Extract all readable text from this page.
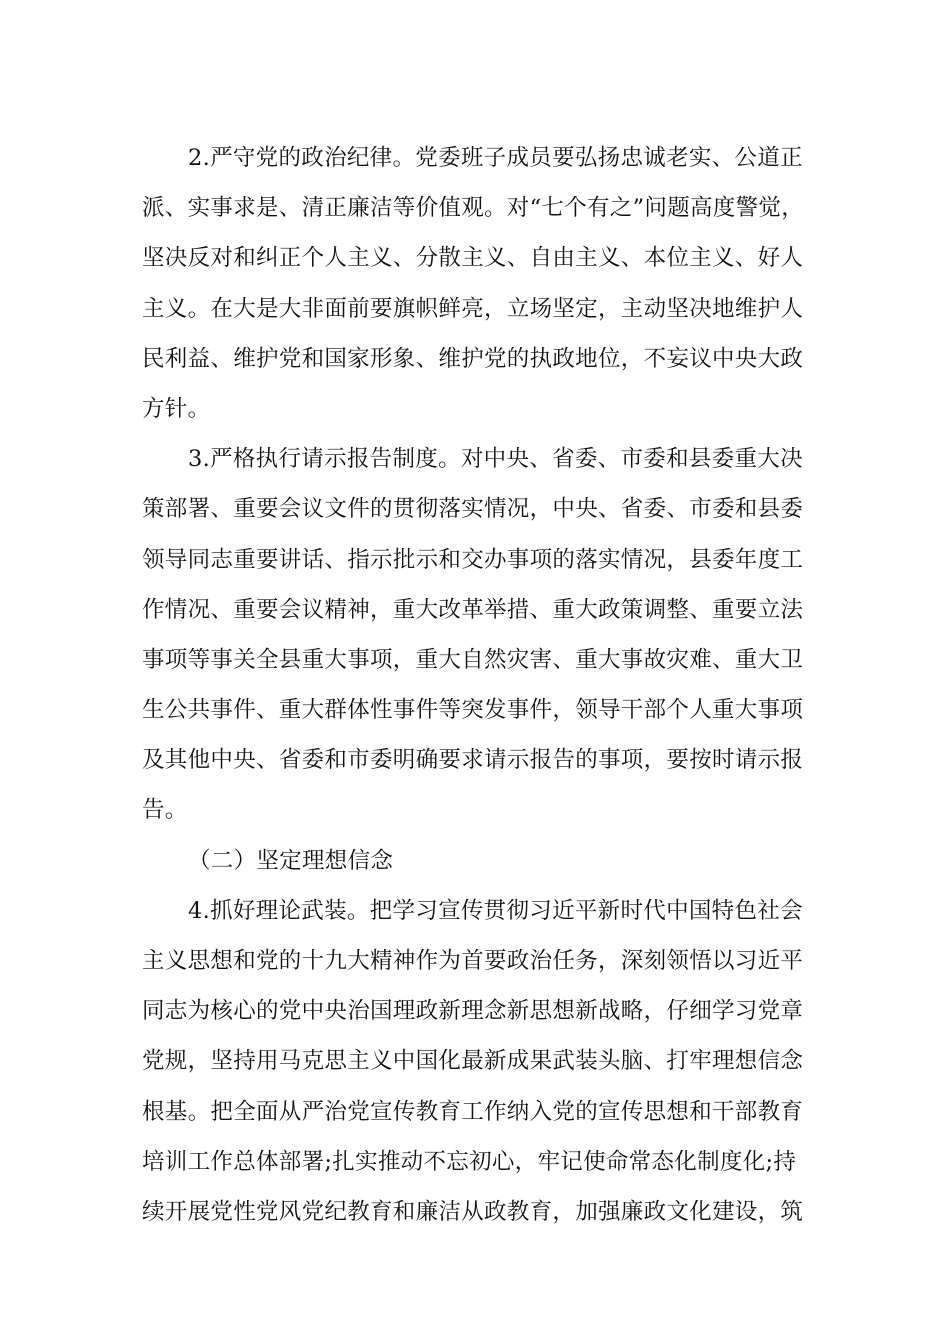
2.严守党的政治纪律。党委班子成员要弘扬忠诚老实、公道正
派、实事求是、清正廉洁等价值观。对“七个有之”问题高度警觉，
坚决反对和纠正个人主义、分散主义、自由主义、本位主义、好人
主义。在大是大非面前要旗帜鲜亮，立场坚定，主动坚决地维护人
民利益、维护党和国家形象、维护党的执政地位，不妄议中央大政
方针。
3.严格执行请示报告制度。对中央、省委、市委和县委重大决
策部署、重要会议文件的贯彻落实情况，中央、省委、市委和县委
领导同志重要讲话、指示批示和交办事项的落实情况，县委年度工
作情况、重要会议精神，重大改革举措、重大政策调整、重要立法
事项等事关全县重大事项，重大自然灾害、重大事故灾难、重大卫
生公共事件、重大群体性事件等突发事件，领导干部个人重大事项
及其他中央、省委和市委明确要求请示报告的事项，要按时请示报
告。
（二）坚定理想信念
4.抓好理论武装。把学习宣传贯彻习近平新时代中国特色社会
主义思想和党的十九大精神作为首要政治任务，深刻领悟以习近平
同志为核心的党中央治国理政新理念新思想新战略，仔细学习党章
党规，坚持用马克思主义中国化最新成果武装头脑、打牢理想信念
根基。把全面从严治党宣传教育工作纳入党的宣传思想和干部教育
培训工作总体部署;扎实推动不忘初心，牢记使命常态化制度化;持
续开展党性党风党纪教育和廉洁从政教育，加强廉政文化建设，筑
